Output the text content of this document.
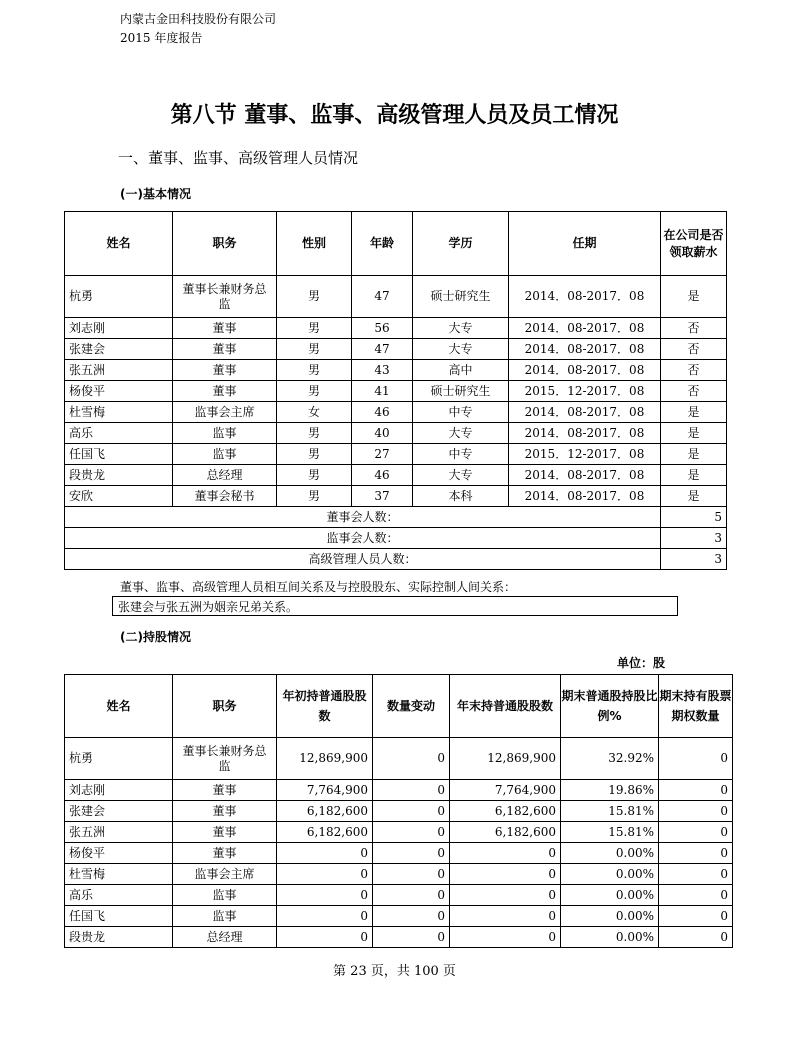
内蒙古金田科技股份有限公司
2015 年度报告
第八节 董事、监事、高级管理人员及员工情况
一、董事、监事、高级管理人员情况
(一)基本情况
姓名	职务	性别	年龄	学历	任期	在公司是否领取薪水
杭勇	董事长兼财务总监	男	47	硕士研究生	2014．08-2017．08	是
刘志刚	董事	男	56	大专	2014．08-2017．08	否
张建会	董事	男	47	大专	2014．08-2017．08	否
张五洲	董事	男	43	高中	2014．08-2017．08	否
杨俊平	董事	男	41	硕士研究生	2015．12-2017．08	否
杜雪梅	监事会主席	女	46	中专	2014．08-2017．08	是
高乐	监事	男	40	大专	2014．08-2017．08	是
任国飞	监事	男	27	中专	2015．12-2017．08	是
段贵龙	总经理	男	46	大专	2014．08-2017．08	是
安欣	董事会秘书	男	37	本科	2014．08-2017．08	是
董事会人数：						5
监事会人数：						3
高级管理人员人数：						3
董事、监事、高级管理人员相互间关系及与控股股东、实际控制人间关系：
张建会与张五洲为姻亲兄弟关系。
(二)持股情况
单位：股
姓名	职务	年初持普通股股数	数量变动	年末持普通股股数	期末普通股持股比例%	期末持有股票期权数量
杭勇	董事长兼财务总监	12,869,900	0	12,869,900	32.92%	0
刘志刚	董事	7,764,900	0	7,764,900	19.86%	0
张建会	董事	6,182,600	0	6,182,600	15.81%	0
张五洲	董事	6,182,600	0	6,182,600	15.81%	0
杨俊平	董事	0	0	0	0.00%	0
杜雪梅	监事会主席	0	0	0	0.00%	0
高乐	监事	0	0	0	0.00%	0
任国飞	监事	0	0	0	0.00%	0
段贵龙	总经理	0	0	0	0.00%	0
第 23 页，共 100 页
